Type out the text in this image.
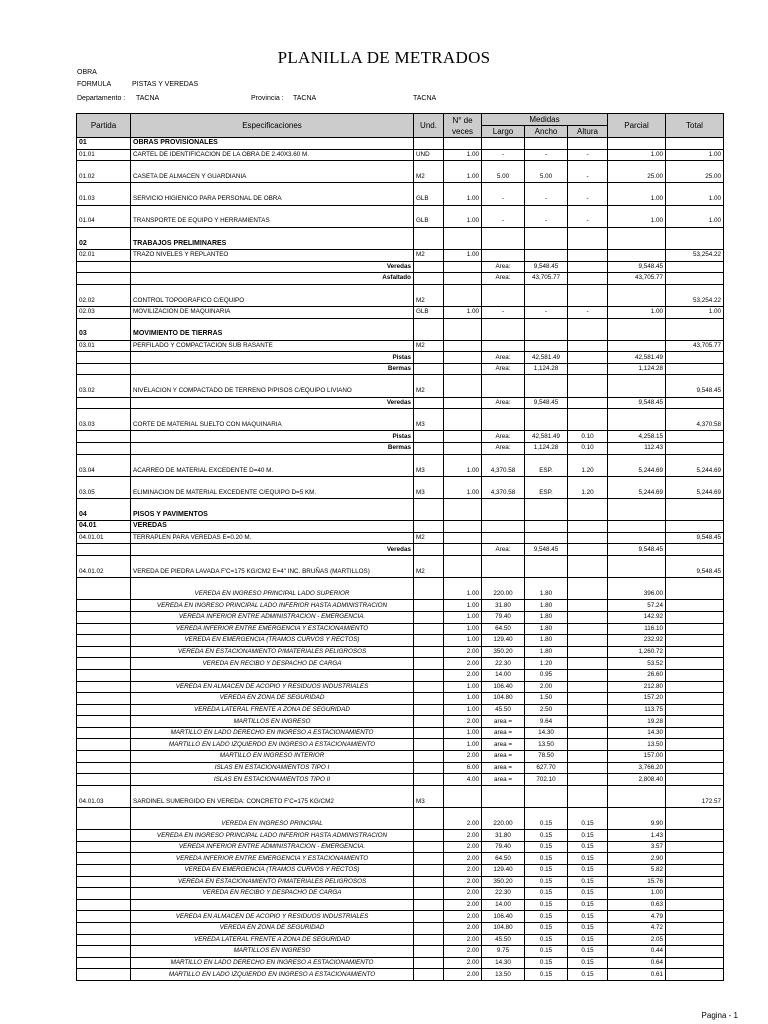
PLANILLA DE METRADOS
OBRA
FORMULA	PISTAS Y VEREDAS
Departamento : TACNA	Provincia : TACNA	TACNA
Partida	Especificaciones	Und.	N° de veces	Medidas			Parcial	Total
				Largo	Ancho	Altura		
01	OBRAS PROVISIONALES							
01.01	CARTEL DE IDENTIFICACION DE LA OBRA DE 2.40X3.60 M.	UND	1.00	-	-	-	1.00	1.00

01.02	CASETA DE ALMACEN Y GUARDIANIA	M2	1.00	5.00	5.00	-	25.00	25.00

01.03	SERVICIO HIGIENICO PARA PERSONAL DE OBRA	GLB	1.00	-	-	-	1.00	1.00

01.04	TRANSPORTE DE EQUIPO Y HERRAMIENTAS	GLB	1.00	-	-	-	1.00	1.00

02	TRABAJOS PRELIMINARES							
02.01	TRAZO NIVELES Y REPLANTEO	M2	1.00					53,254.22
	Veredas			Area:	9,548.45		9,548.45	
	Asfaltado			Area:	43,705.77		43,705.77	

02.02	CONTROL TOPOGRAFICO C/EQUIPO	M2						53,254.22
02.03	MOVILIZACION DE MAQUINARIA	GLB	1.00	-	-	-	1.00	1.00

03	MOVIMIENTO DE TIERRAS							
03.01	PERFILADO Y COMPACTACION SUB RASANTE	M2						43,705.77
	Pistas			Area:	42,581.49		42,581.49	
	Bermas			Area:	1,124.28		1,124.28	

03.02	NIVELACION Y COMPACTADO DE TERRENO P/PISOS C/EQUIPO LIVIANO	M2						9,548.45
	Veredas			Area:	9,548.45		9,548.45	

03.03	CORTE DE MATERIAL SUELTO CON MAQUINARIA	M3						4,370.58
	Pistas			Area:	42,581.49	0.10	4,258.15	
	Bermas			Area:	1,124.28	0.10	112.43	

03.04	ACARREO DE MATERIAL EXCEDENTE D=40 M.	M3	1.00	4,370.58	ESP.	1.20	5,244.69	5,244.69

03.05	ELIMINACION DE MATERIAL EXCEDENTE C/EQUIPO D=5 KM.	M3	1.00	4,370.58	ESP.	1.20	5,244.69	5,244.69

04	PISOS Y PAVIMENTOS							
04.01	VEREDAS							
04.01.01	TERRAPLEN PARA VEREDAS E=0.20 M.	M2						9,548.45
	Veredas			Area:	9,548.45		9,548.45	

04.01.02	VEREDA DE PIEDRA LAVADA F'C=175 KG/CM2 E=4" INC. BRUÑAS (MARTILLOS)	M2						9,548.45

	VEREDA EN INGRESO PRINCIPAL LADO SUPERIOR		1.00	220.00	1.80		396.00	
	VEREDA EN INGRESO PRINCIPAL LADO INFERIOR HASTA ADMINISTRACION		1.00	31.80	1.80		57.24	
	VEREDA INFERIOR ENTRE ADMINISTRACION - EMERGENCIA.		1.00	79.40	1.80		142.92	
	VEREDA INFERIOR ENTRE EMERGENCIA Y ESTACIONAMIENTO		1.00	64.50	1.80		116.10	
	VEREDA EN EMERGENCIA (TRAMOS CURVOS Y RECTOS)		1.00	129.40	1.80		232.92	
	VEREDA EN ESTACIONAMIENTO P/MATERIALES PELIGROSOS		2.00	350.20	1.80		1,260.72	
	VEREDA EN RECIBO Y DESPACHO DE CARGA		2.00	22.30	1.20		53.52	
			2.00	14.00	0.95		26.60	
	VEREDA EN ALMACEN DE ACOPIO Y RESIDUOS INDUSTRIALES		1.00	106.40	2.00		212.80	
	VEREDA EN ZONA DE SEGURIDAD		1.00	104.80	1.50		157.20	
	VEREDA LATERAL FRENTE A ZONA DE SEGURIDAD		1.00	45.50	2.50		113.75	
	MARTILLOS EN INGRESO		2.00	area =	9.64		19.28	
	MARTILLO EN LADO DERECHO EN INGRESO A ESTACIONAMIENTO		1.00	area =	14.30		14.30	
	MARTILLO EN LADO IZQUIERDO EN INGRESO A ESTACIONAMIENTO		1.00	area =	13.50		13.50	
	MARTILLO EN INGRESO INTERIOR		2.00	area =	78.50		157.00	
	ISLAS EN ESTACIONAMIENTOS TIPO I		6.00	area =	627.70		3,766.20	
	ISLAS EN ESTACIONAMIENTOS TIPO II		4.00	area =	702.10		2,808.40	

04.01.03	SARDINEL SUMERGIDO EN VEREDA: CONCRETO F'C=175 KG/CM2	M3						172.57

	VEREDA EN INGRESO PRINCIPAL		2.00	220.00	0.15	0.15	9.90	
	VEREDA EN INGRESO PRINCIPAL LADO INFERIOR HASTA ADMINISTRACION		2.00	31.80	0.15	0.15	1.43	
	VEREDA INFERIOR ENTRE ADMINISTRACION - EMERGENCIA.		2.00	79.40	0.15	0.15	3.57	
	VEREDA INFERIOR ENTRE EMERGENCIA Y ESTACIONAMIENTO		2.00	64.50	0.15	0.15	2.90	
	VEREDA EN EMERGENCIA (TRAMOS CURVOS Y RECTOS)		2.00	129.40	0.15	0.15	5.82	
	VEREDA EN ESTACIONAMIENTO P/MATERIALES PELIGROSOS		2.00	350.20	0.15	0.15	15.76	
	VEREDA EN RECIBO Y DESPACHO DE CARGA		2.00	22.30	0.15	0.15	1.00	
			2.00	14.00	0.15	0.15	0.63	
	VEREDA EN ALMACEN DE ACOPIO Y RESIDUOS INDUSTRIALES		2.00	106.40	0.15	0.15	4.79	
	VEREDA EN ZONA DE SEGURIDAD		2.00	104.80	0.15	0.15	4.72	
	VEREDA LATERAL FRENTE A ZONA DE SEGURIDAD		2.00	45.50	0.15	0.15	2.05	
	MARTILLOS EN INGRESO		2.00	9.75	0.15	0.15	0.44	
	MARTILLO EN LADO DERECHO EN INGRESO A ESTACIONAMIENTO		2.00	14.30	0.15	0.15	0.64	
	MARTILLO EN LADO IZQUIERDO EN INGRESO A ESTACIONAMIENTO		2.00	13.50	0.15	0.15	0.61	
Pagina - 1
